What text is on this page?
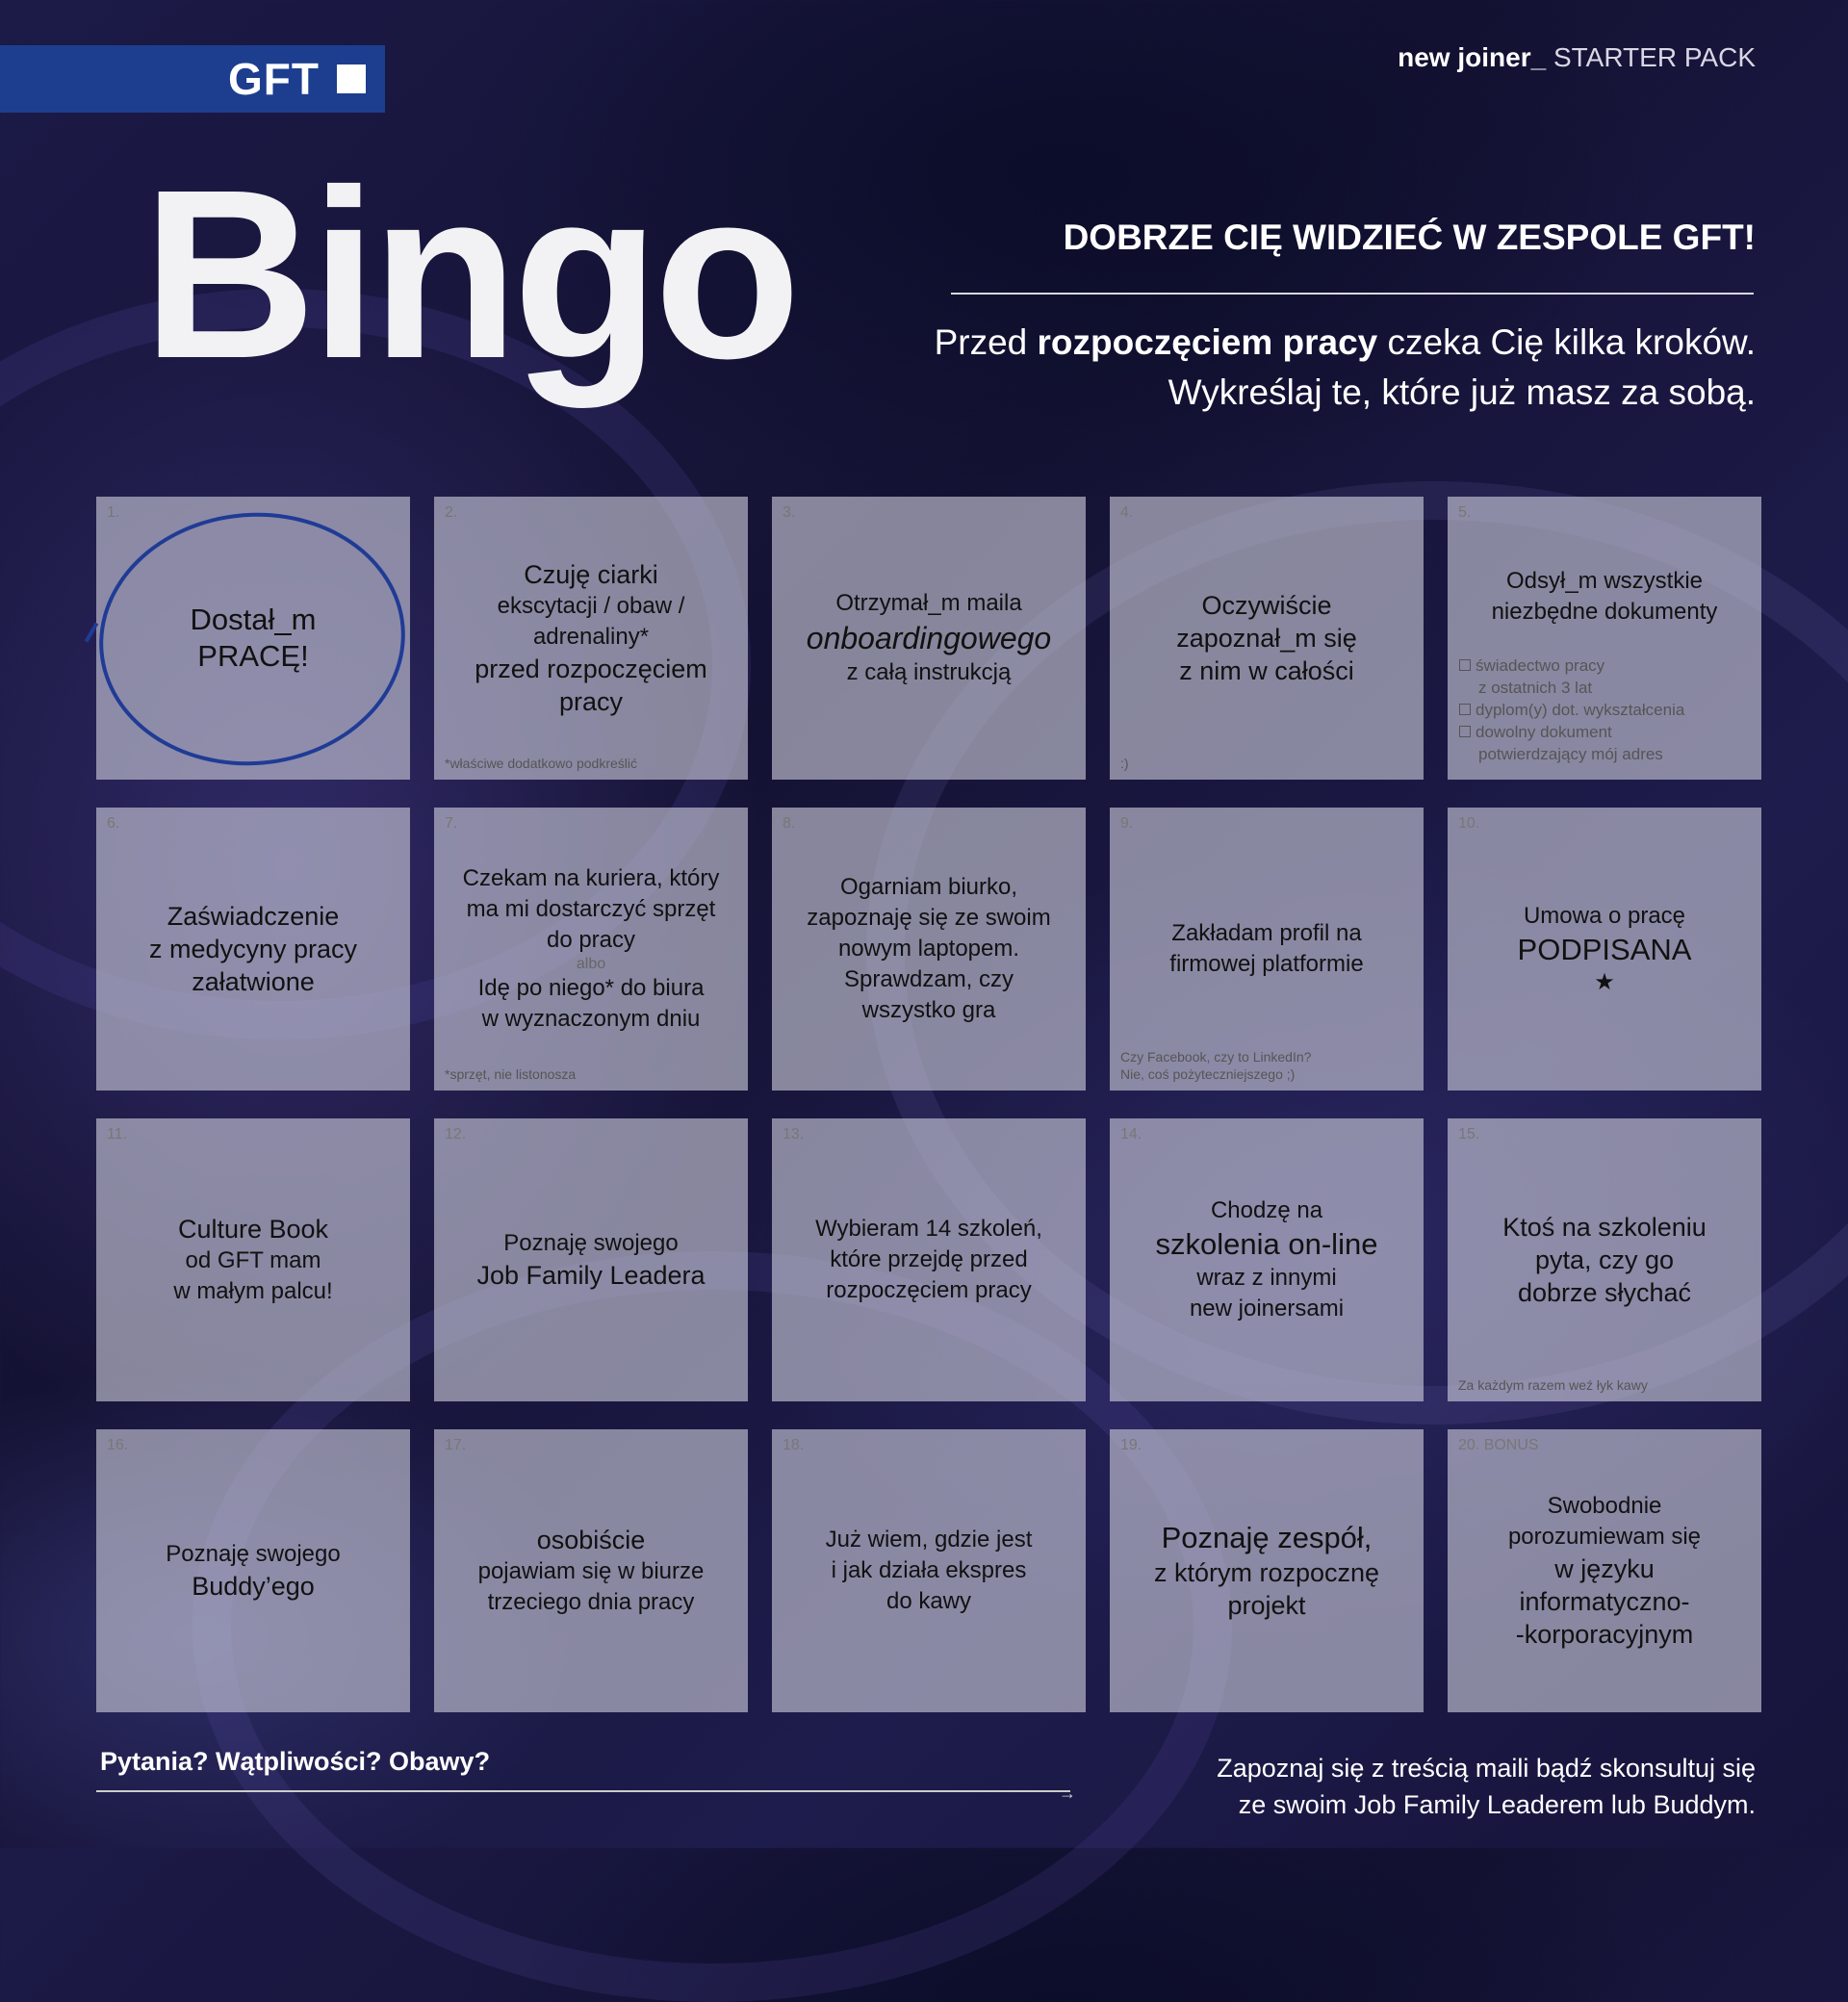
GFT	new joiner_ STARTER PACK
Bingo	DOBRZE CIĘ WIDZIEĆ W ZESPOLE GFT!
Przed rozpoczęciem pracy czeka Cię kilka kroków. Wykreślaj te, które już masz za sobą.
1.
Dostał_m
PRACĘ!
2.
Czuję ciarki
ekscytacji / obaw /
adrenaliny*
przed rozpoczęciem
pracy
*właściwe dodatkowo podkreślić
3.
Otrzymał_m maila
onboardingowego
z całą instrukcją
4.
Oczywiście
zapoznał_m się
z nim w całości
:)
5.
Odsył_m wszystkie
niezbędne dokumenty
świadectwo pracy
z ostatnich 3 lat
dyplom(y) dot. wykształcenia
dowolny dokument
potwierdzający mój adres
6.
Zaświadczenie
z medycyny pracy
załatwione
7.
Czekam na kuriera, który
ma mi dostarczyć sprzęt
do pracy
albo
Idę po niego* do biura
w wyznaczonym dniu
*sprzęt, nie listonosza
8.
Ogarniam biurko,
zapoznaję się ze swoim
nowym laptopem.
Sprawdzam, czy
wszystko gra
9.
Zakładam profil na
firmowej platformie
Czy Facebook, czy to LinkedIn?
Nie, coś pożyteczniejszego ;)
10.
Umowa o pracę
PODPISANA
★
11.
Culture Book
od GFT mam
w małym palcu!
12.
Poznaję swojego
Job Family Leadera
13.
Wybieram 14 szkoleń,
które przejdę przed
rozpoczęciem pracy
14.
Chodzę na
szkolenia on-line
wraz z innymi
new joinersami
15.
Ktoś na szkoleniu
pyta, czy go
dobrze słychać
Za każdym razem weź łyk kawy
16.
Poznaję swojego
Buddy’ego
17.
osobiście
pojawiam się w biurze
trzeciego dnia pracy
18.
Już wiem, gdzie jest
i jak działa ekspres
do kawy
19.
Poznaję zespół,
z którym rozpocznę
projekt
20. BONUS
Swobodnie
porozumiewam się
w języku
informatyczno-
-korporacyjnym
Pytania? Wątpliwości? Obawy?
→
Zapoznaj się z treścią maili bądź skonsultuj się
ze swoim Job Family Leaderem lub Buddym.
